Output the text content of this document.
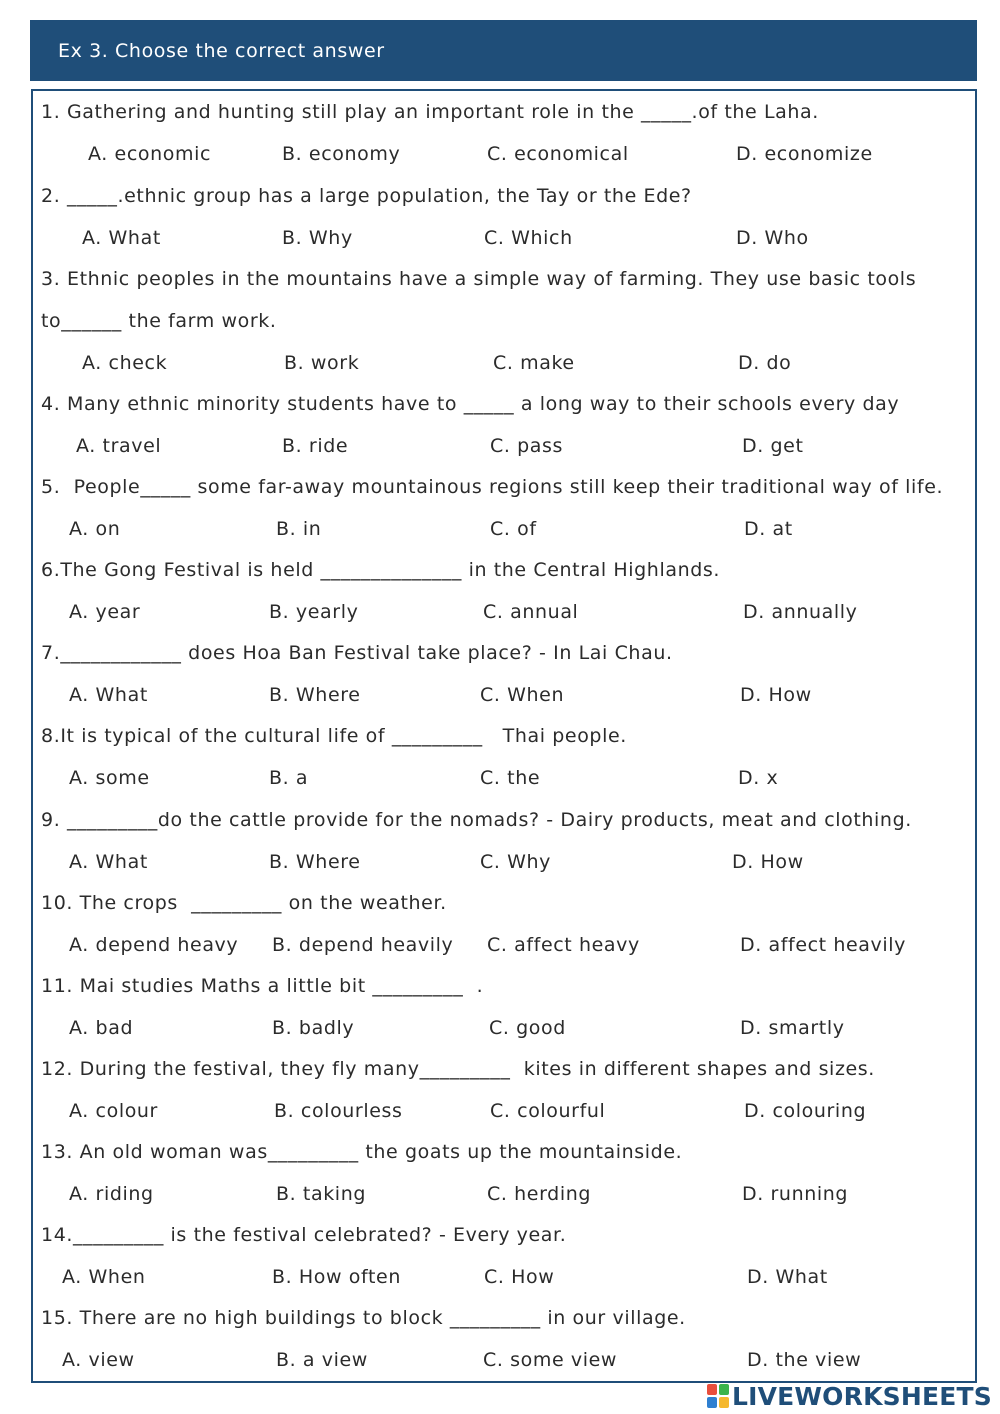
Ex 3. Choose the correct answer
1. Gathering and hunting still play an important role in the _____.of the Laha.
A. economic	B. economy	C. economical	D. economize
2. _____.ethnic group has a large population, the Tay or the Ede?
A. What	B. Why	C. Which	D. Who
3. Ethnic peoples in the mountains have a simple way of farming. They use basic tools
to______ the farm work.
A. check	B. work	C. make	D. do
4. Many ethnic minority students have to _____ a long way to their schools every day
A. travel	B. ride	C. pass	D. get
5.  People_____ some far-away mountainous regions still keep their traditional way of life.
A. on	B. in	C. of	D. at
6.The Gong Festival is held ______________ in the Central Highlands.
A. year	B. yearly	C. annual	D. annually
7.____________ does Hoa Ban Festival take place? - In Lai Chau.
A. What	B. Where	C. When	D. How
8.It is typical of the cultural life of _________   Thai people.
A. some	B. a	C. the	D. x
9. _________do the cattle provide for the nomads? - Dairy products, meat and clothing.
A. What	B. Where	C. Why	D. How
10. The crops  _________ on the weather.
A. depend heavy B. depend heavily C. affect heavy	D. affect heavily
11. Mai studies Maths a little bit _________  .
A. bad	B. badly	C. good	D. smartly
12. During the festival, they fly many_________  kites in different shapes and sizes.
A. colour	B. colourless	C. colourful	D. colouring
13. An old woman was_________ the goats up the mountainside.
A. riding	B. taking	C. herding	D. running
14._________ is the festival celebrated? - Every year.
A. When	B. How often	C. How	D. What
15. There are no high buildings to block _________ in our village.
A. view	B. a view	C. some view	D. the view
LIVEWORKSHEETS
